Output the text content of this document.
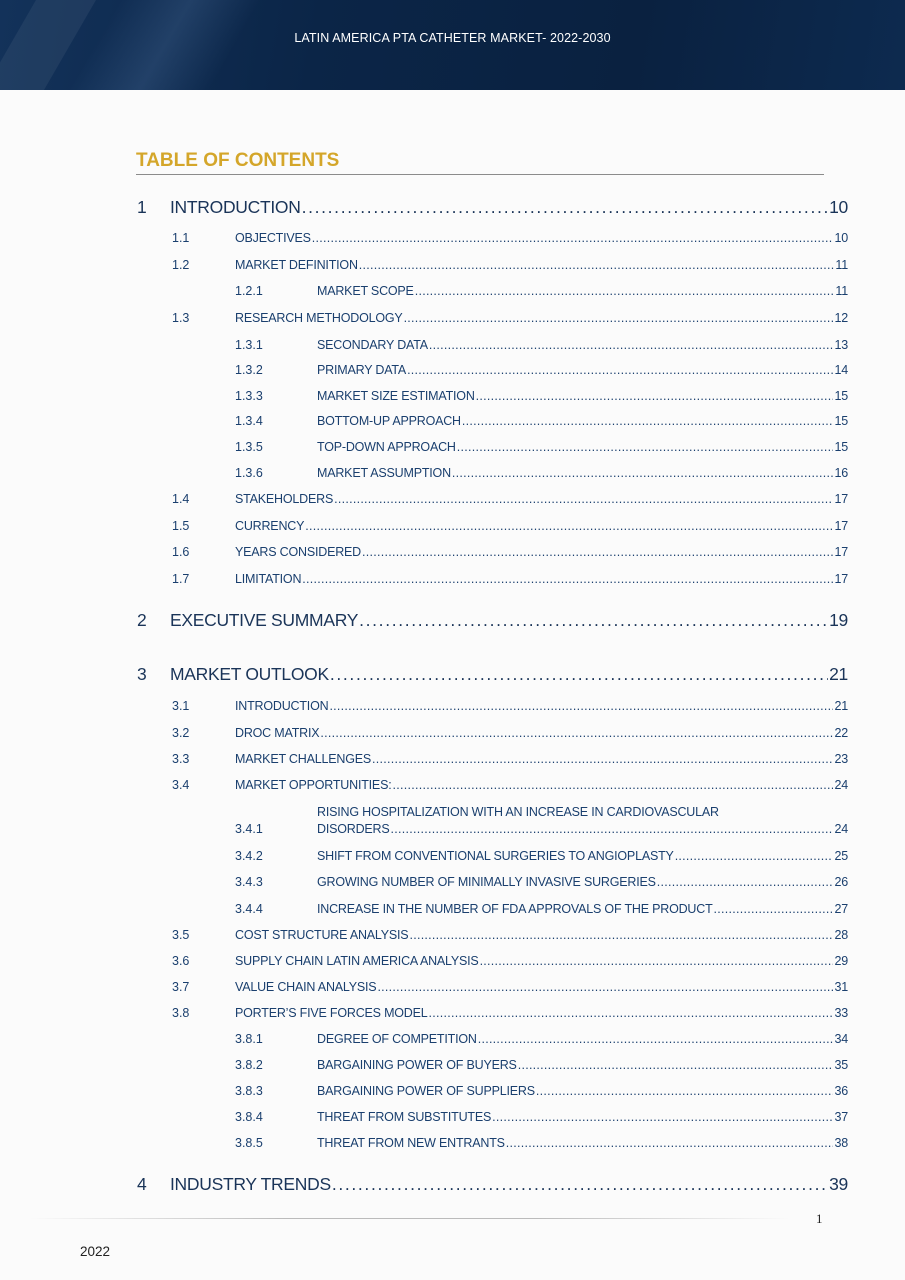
LATIN AMERICA PTA CATHETER MARKET- 2022-2030
TABLE OF CONTENTS
1 INTRODUCTION . . .	10
1.1	OBJECTIVES . . .	10
1.2	MARKET DEFINITION . . .	11
1.2.1	MARKET SCOPE . . .	11
1.3	RESEARCH METHODOLOGY . . .	12
1.3.1	SECONDARY DATA . . .	13
1.3.2	PRIMARY DATA . . .	14
1.3.3	MARKET SIZE ESTIMATION . . .	15
1.3.4	BOTTOM-UP APPROACH . . .	15
1.3.5	TOP-DOWN APPROACH . . .	15
1.3.6	MARKET ASSUMPTION . . .	16
1.4	STAKEHOLDERS . . .	17
1.5	CURRENCY . . .	17
1.6	YEARS CONSIDERED . . .	17
1.7	LIMITATION . . .	17
2 EXECUTIVE SUMMARY . . .	19
3 MARKET OUTLOOK . . .	21
3.1	INTRODUCTION . . .	21
3.2	DROC MATRIX . . .	22
3.3	MARKET CHALLENGES . . .	23
3.4	MARKET OPPORTUNITIES: . . .	24
3.4.1
RISING HOSPITALIZATION WITH AN INCREASE IN CARDIOVASCULAR
DISORDERS . . .	24
3.4.2	SHIFT FROM CONVENTIONAL SURGERIES TO ANGIOPLASTY . . .	25
3.4.3	GROWING NUMBER OF MINIMALLY INVASIVE SURGERIES . . .	26
3.4.4	INCREASE IN THE NUMBER OF FDA APPROVALS OF THE PRODUCT . . .	27
3.5	COST STRUCTURE ANALYSIS . . .	28
3.6	SUPPLY CHAIN LATIN AMERICA ANALYSIS . . .	29
3.7	VALUE CHAIN ANALYSIS . . .	31
3.8	PORTER’S FIVE FORCES MODEL . . .	33
3.8.1	DEGREE OF COMPETITION . . .	34
3.8.2	BARGAINING POWER OF BUYERS . . .	35
3.8.3	BARGAINING POWER OF SUPPLIERS . . .	36
3.8.4	THREAT FROM SUBSTITUTES . . .	37
3.8.5	THREAT FROM NEW ENTRANTS . . .	38
4 INDUSTRY TRENDS . . .	39
1
2022
